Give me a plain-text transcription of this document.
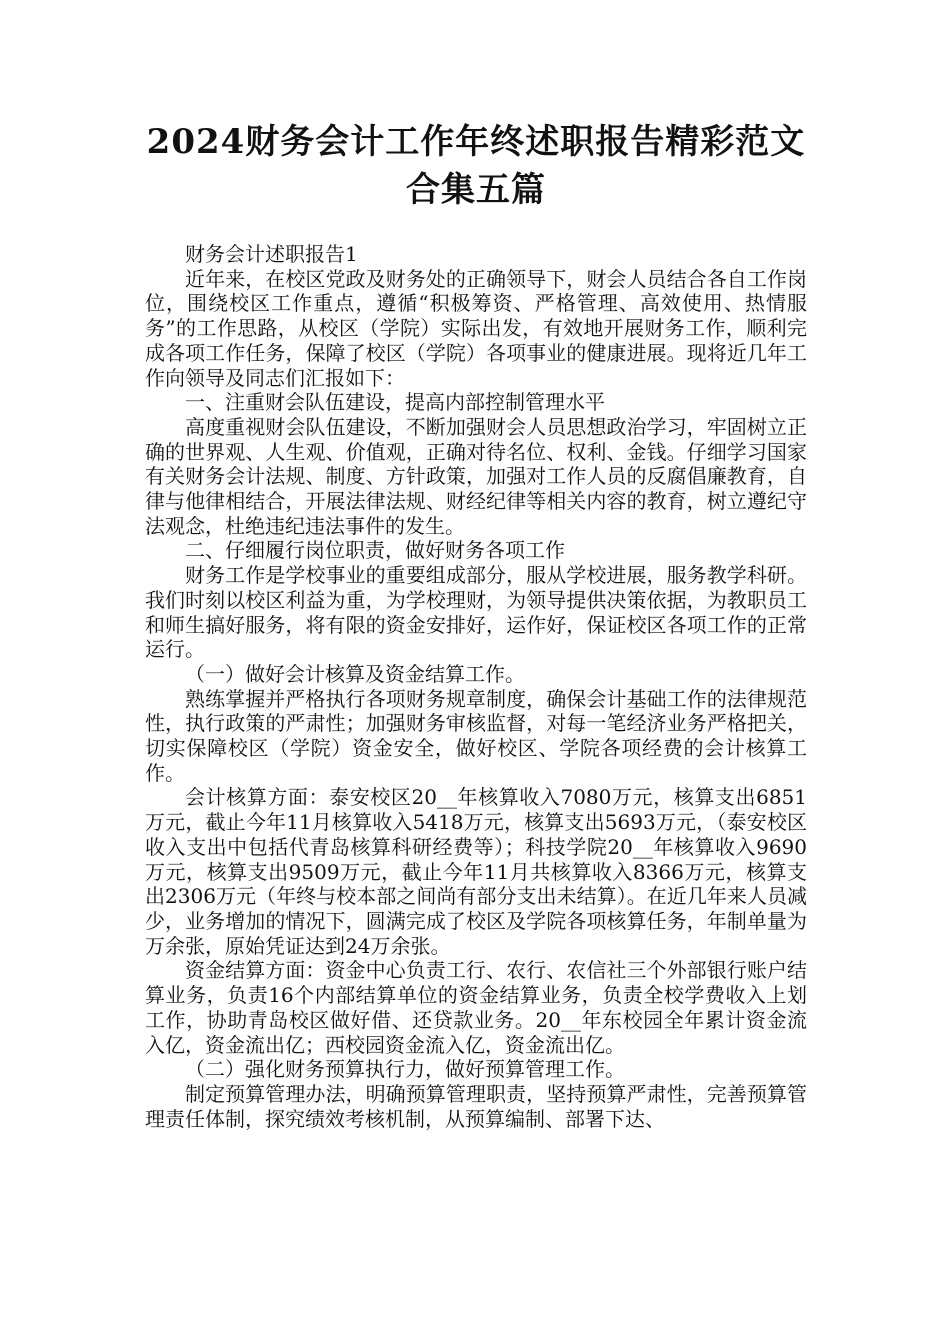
2024财务会计工作年终述职报告精彩范文
合集五篇

财务会计述职报告1

近年来，在校区党政及财务处的正确领导下，财会人员结合各自工作岗位，围绕校区工作重点，遵循“积极筹资、严格管理、高效使用、热情服务”的工作思路，从校区（学院）实际出发，有效地开展财务工作，顺利完成各项工作任务，保障了校区（学院）各项事业的健康进展。现将近几年工作向领导及同志们汇报如下：

一、注重财会队伍建设，提高内部控制管理水平

高度重视财会队伍建设，不断加强财会人员思想政治学习，牢固树立正确的世界观、人生观、价值观，正确对待名位、权利、金钱。仔细学习国家有关财务会计法规、制度、方针政策，加强对工作人员的反腐倡廉教育，自律与他律相结合，开展法律法规、财经纪律等相关内容的教育，树立遵纪守法观念，杜绝违纪违法事件的发生。

二、仔细履行岗位职责，做好财务各项工作

财务工作是学校事业的重要组成部分，服从学校进展，服务教学科研。我们时刻以校区利益为重，为学校理财，为领导提供决策依据，为教职员工和师生搞好服务，将有限的资金安排好，运作好，保证校区各项工作的正常运行。

（一）做好会计核算及资金结算工作。

熟练掌握并严格执行各项财务规章制度，确保会计基础工作的法律规范性，执行政策的严肃性；加强财务审核监督，对每一笔经济业务严格把关，切实保障校区（学院）资金安全，做好校区、学院各项经费的会计核算工作。

会计核算方面：泰安校区20__年核算收入7080万元，核算支出6851万元，截止今年11月核算收入5418万元，核算支出5693万元，（泰安校区收入支出中包括代青岛核算科研经费等）；科技学院20__年核算收入9690万元，核算支出9509万元，截止今年11月共核算收入8366万元，核算支出2306万元（年终与校本部之间尚有部分支出未结算）。在近几年来人员减少，业务增加的情况下，圆满完成了校区及学院各项核算任务，年制单量为万余张，原始凭证达到24万余张。

资金结算方面：资金中心负责工行、农行、农信社三个外部银行账户结算业务，负责16个内部结算单位的资金结算业务，负责全校学费收入上划工作，协助青岛校区做好借、还贷款业务。20__年东校园全年累计资金流入亿，资金流出亿；西校园资金流入亿，资金流出亿。

（二）强化财务预算执行力，做好预算管理工作。

制定预算管理办法，明确预算管理职责，坚持预算严肃性，完善预算管理责任体制，探究绩效考核机制，从预算编制、部署下达、
